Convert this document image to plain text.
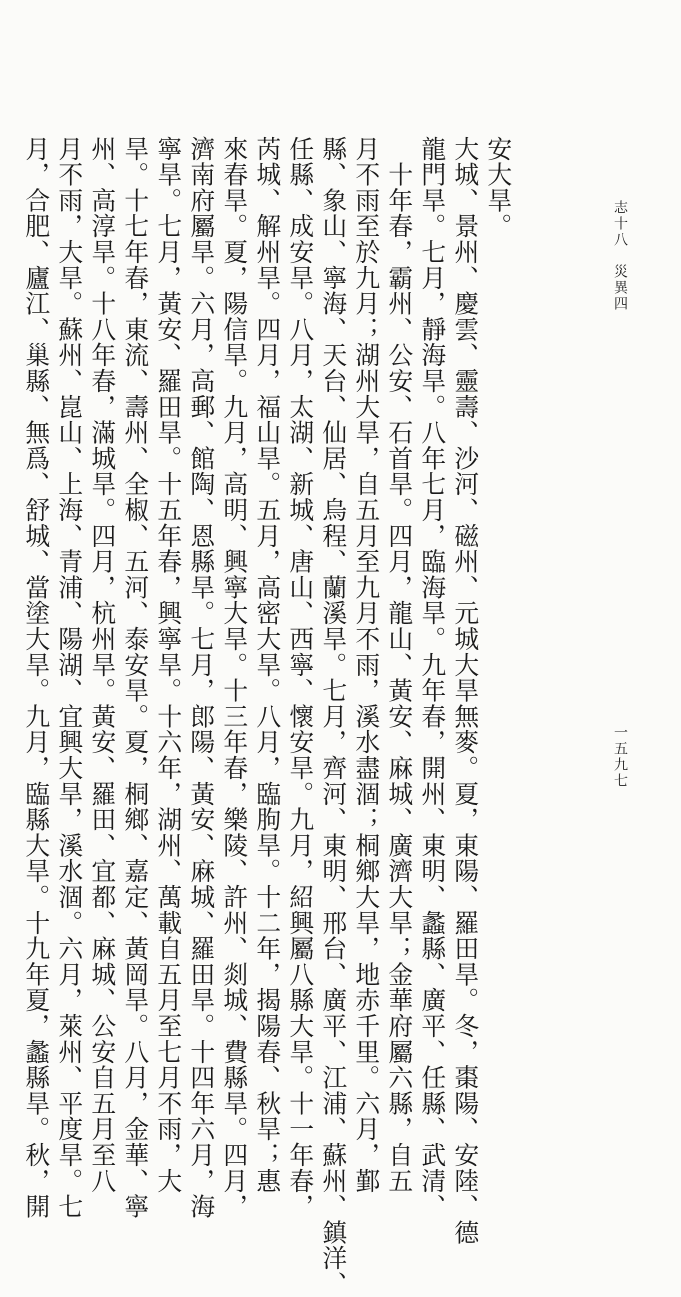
安大旱。
大城、景州、慶雲、靈壽、沙河、磁州、元城大旱無麥。夏，東陽、羅田旱。冬，棗陽、安陸、德
龍門旱。七月，靜海旱。八年七月，臨海旱。九年春，開州、東明、蠡縣、廣平、任縣、武清、
　十年春，霸州、公安、石首旱。四月，龍山、黃安、麻城、廣濟大旱；金華府屬六縣，自五
月不雨至於九月；湖州大旱，自五月至九月不雨，溪水盡涸；桐鄉大旱，地赤千里。六月，鄞
縣、象山、寧海、天台、仙居、烏程、蘭溪旱。七月，齊河、東明、邢台、廣平、江浦、蘇州、鎮洋、
任縣、成安旱。八月，太湖、新城、唐山、西寧、懷安旱。九月，紹興屬八縣大旱。十一年春，
芮城、解州旱。四月，福山旱。五月，高密大旱。八月，臨朐旱。十二年，揭陽春、秋旱；惠
來春旱。夏，陽信旱。九月，高明、興寧大旱。十三年春，樂陵、許州、剡城、費縣旱。四月，
濟南府屬旱。六月，高郵、館陶、恩縣旱。七月，郎陽、黃安、麻城、羅田旱。十四年六月，海
寧旱。七月，黃安、羅田旱。十五年春，興寧旱。十六年，湖州、萬載自五月至七月不雨，大
旱。十七年春，東流、壽州、全椒、五河、泰安旱。夏，桐鄉、嘉定、黃岡旱。八月，金華、寧
州、高淳旱。十八年春，滿城旱。四月，杭州旱。黃安、羅田、宜都、麻城、公安自五月至八
月不雨，大旱。蘇州、崑山、上海、青浦、陽湖、宜興大旱，溪水涸。六月，萊州、平度旱。七
月，合肥、廬江、巢縣、無爲、舒城、當塗大旱。九月，臨縣大旱。十九年夏，蠡縣旱。秋，開	志十八
災異四
一五九七
